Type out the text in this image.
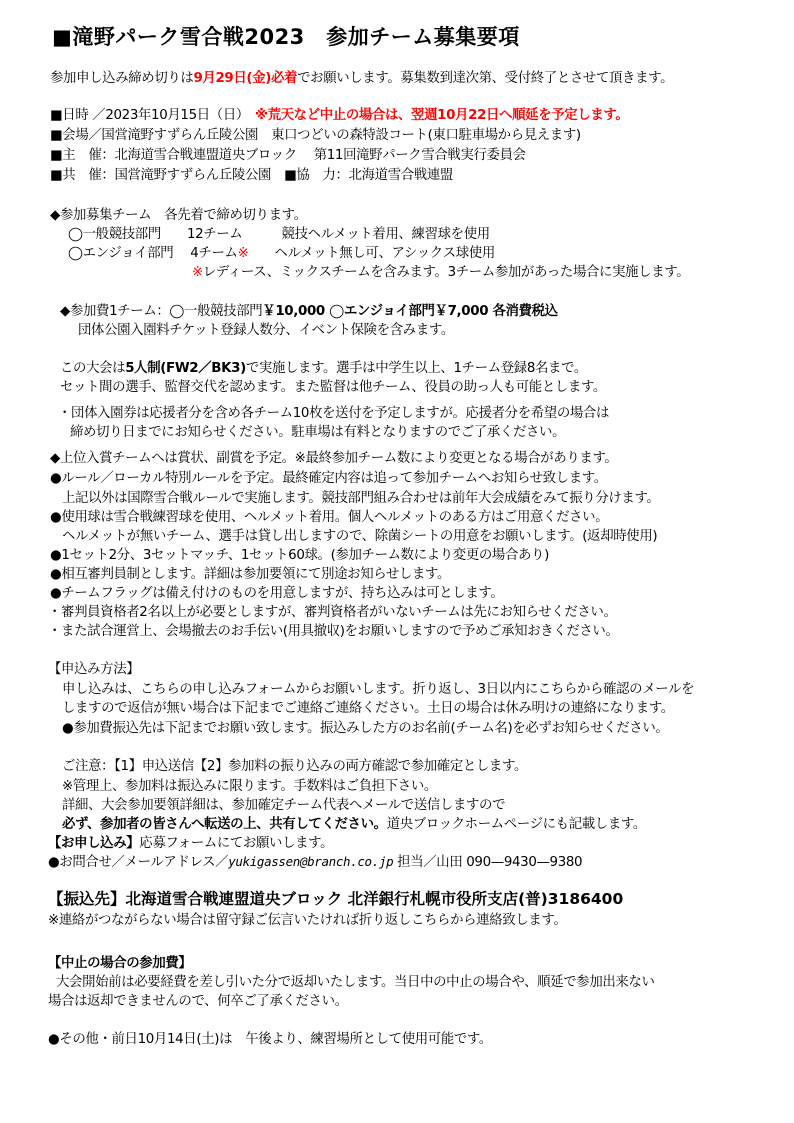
■滝野パーク雪合戦2023　参加チーム募集要項
参加申し込み締め切りは9月29日(金)必着でお願いします。募集数到達次第、受付終了とさせて頂きます。
■日時 ／2023年10月15日（日） ※荒天など中止の場合は、翌週10月22日へ順延を予定します。
■会場／国営滝野すずらん丘陵公園　東口つどいの森特設コート(東口駐車場から見えます)
■主　催：北海道雪合戦連盟道央ブロック　 第11回滝野パーク雪合戦実行委員会
■共　催：国営滝野すずらん丘陵公園　■協　力：北海道雪合戦連盟
◆参加募集チーム　各先着で締め切ります。
◯一般競技部門　　12チーム　　　競技ヘルメット着用、練習球を使用
◯エンジョイ部門　 4チーム※　　ヘルメット無し可、アシックス球使用
※レディース、ミックスチームを含みます。3チーム参加があった場合に実施します。
◆参加費1チーム：◯一般競技部門￥10,000 ◯エンジョイ部門￥7,000 各消費税込
団体公園入園料チケット登録人数分、イベント保険を含みます。
この大会は5人制(FW2／BK3)で実施します。選手は中学生以上、1チーム登録8名まで。
セット間の選手、監督交代を認めます。また監督は他チーム、役員の助っ人も可能とします。
・団体入園券は応援者分を含め各チーム10枚を送付を予定しますが。応援者分を希望の場合は
締め切り日までにお知らせください。駐車場は有料となりますのでご了承ください。
◆上位入賞チームへは賞状、副賞を予定。※最終参加チーム数により変更となる場合があります。
●ルール／ローカル特別ルールを予定。最終確定内容は追って参加チームへお知らせ致します。
上記以外は国際雪合戦ルールで実施します。競技部門組み合わせは前年大会成績をみて振り分けます。
●使用球は雪合戦練習球を使用、ヘルメット着用。個人ヘルメットのある方はご用意ください。
ヘルメットが無いチーム、選手は貸し出しますので、除菌シートの用意をお願いします。(返却時使用)
●1セット2分、3セットマッチ、1セット60球。(参加チーム数により変更の場合あり)
●相互審判員制とします。詳細は参加要領にて別途お知らせします。
●チームフラッグは備え付けのものを用意しますが、持ち込みは可とします。
・審判員資格者2名以上が必要としますが、審判資格者がいないチームは先にお知らせください。
・また試合運営上、会場撤去のお手伝い(用具撤収)をお願いしますので予めご承知おきください。
【申込み方法】
申し込みは、こちらの申し込みフォームからお願いします。折り返し、3日以内にこちらから確認のメールを
しますので返信が無い場合は下記までご連絡ご連絡ください。土日の場合は休み明けの連絡になります。
●参加費振込先は下記までお願い致します。振込みした方のお名前(チーム名)を必ずお知らせください。
ご注意：【1】申込送信【2】参加料の振り込みの両方確認で参加確定とします。
※管理上、参加料は振込みに限ります。手数料はご負担下さい。
詳細、大会参加要領詳細は、参加確定チーム代表へメールで送信しますので
必ず、参加者の皆さんへ転送の上、共有してください。道央ブロックホームページにも記載します。
【お申し込み】応募フォームにてお願いします。
●お問合せ／メールアドレス／yukigassen@branch.co.jp 担当／山田 090—9430—9380
【振込先】北海道雪合戦連盟道央ブロック 北洋銀行札幌市役所支店(普)3186400
※連絡がつながらない場合は留守録ご伝言いたければ折り返しこちらから連絡致します。
【中止の場合の参加費】
大会開始前は必要経費を差し引いた分で返却いたします。当日中の中止の場合や、順延で参加出来ない
場合は返却できませんので、何卒ご了承ください。
●その他・前日10月14日(土)は　午後より、練習場所として使用可能です。
